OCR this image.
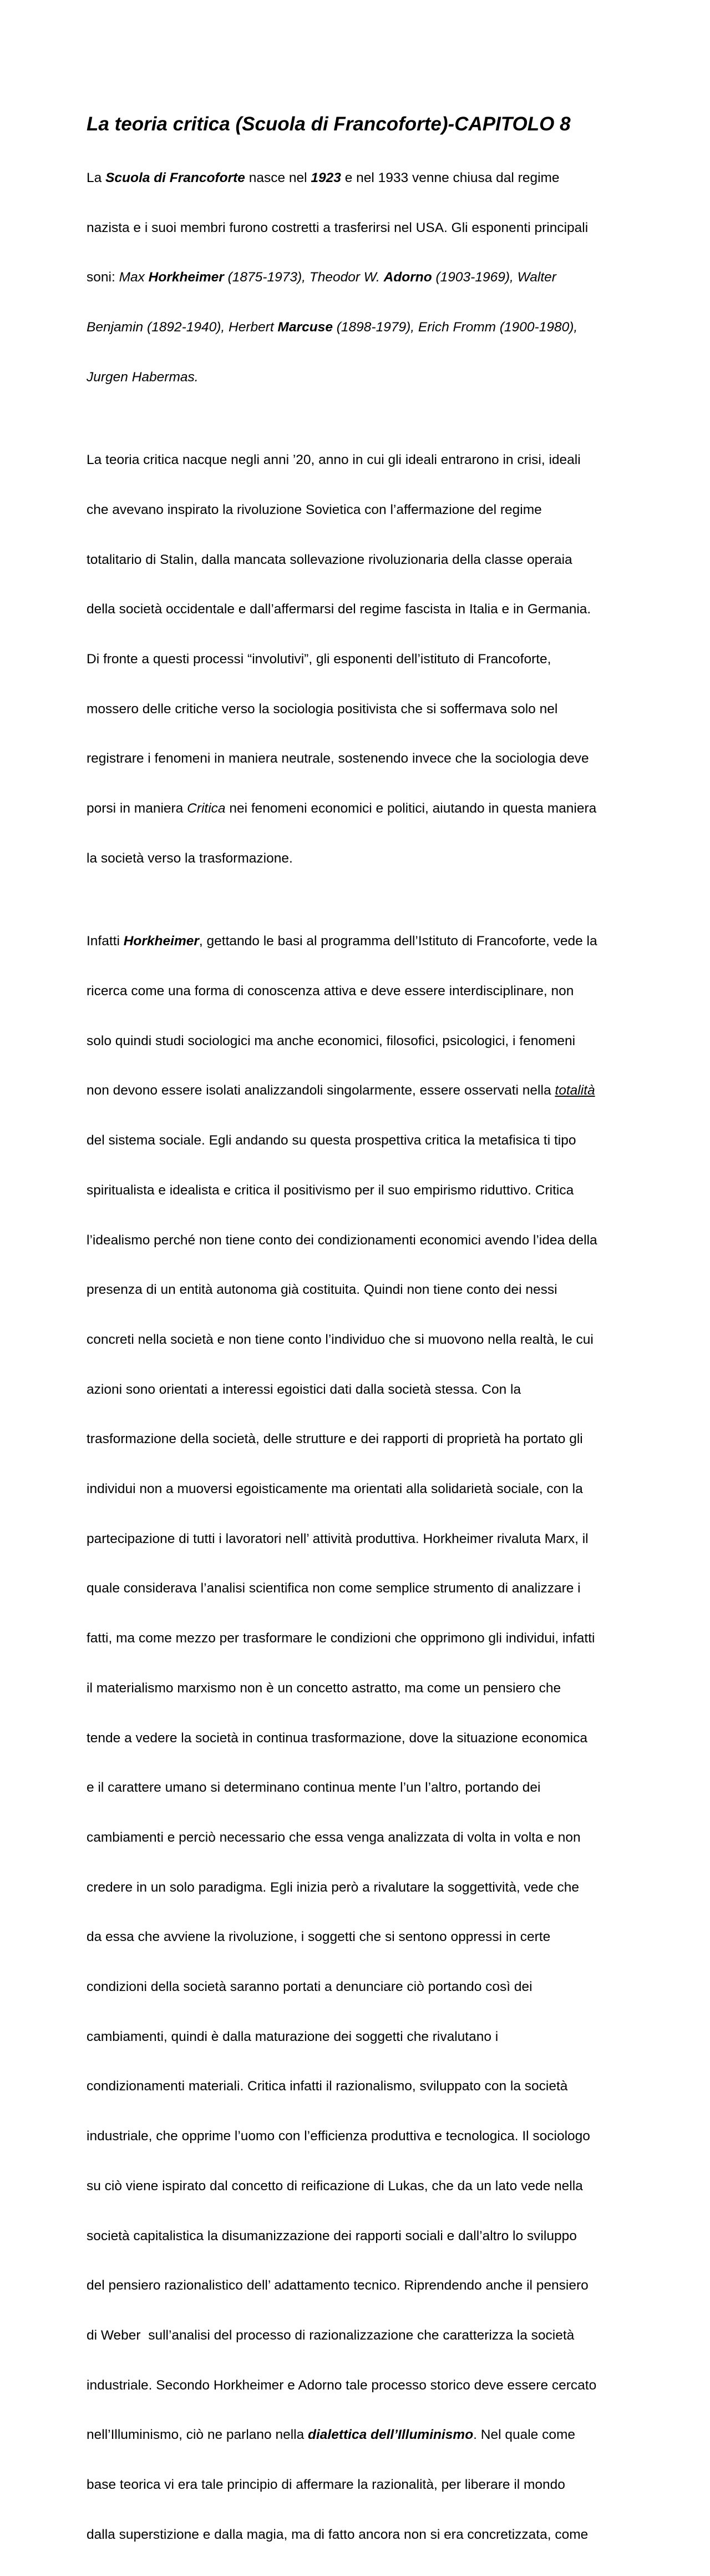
La teoria critica (Scuola di Francoforte)-CAPITOLO 8

La Scuola di Francoforte nasce nel 1923 e nel 1933 venne chiusa dal regime

nazista e i suoi membri furono costretti a trasferirsi nel USA. Gli esponenti principali

soni: Max Horkheimer (1875-1973), Theodor W. Adorno (1903-1969), Walter

Benjamin (1892-1940), Herbert Marcuse (1898-1979), Erich Fromm (1900-1980),

Jurgen Habermas.

La teoria critica nacque negli anni ’20, anno in cui gli ideali entrarono in crisi, ideali

che avevano inspirato la rivoluzione Sovietica con l’affermazione del regime

totalitario di Stalin, dalla mancata sollevazione rivoluzionaria della classe operaia

della società occidentale e dall’affermarsi del regime fascista in Italia e in Germania.

Di fronte a questi processi “involutivi”, gli esponenti dell’istituto di Francoforte,

mossero delle critiche verso la sociologia positivista che si soffermava solo nel

registrare i fenomeni in maniera neutrale, sostenendo invece che la sociologia deve

porsi in maniera Critica nei fenomeni economici e politici, aiutando in questa maniera

la società verso la trasformazione.

Infatti Horkheimer, gettando le basi al programma dell’Istituto di Francoforte, vede la

ricerca come una forma di conoscenza attiva e deve essere interdisciplinare, non

solo quindi studi sociologici ma anche economici, filosofici, psicologici, i fenomeni

non devono essere isolati analizzandoli singolarmente, essere osservati nella totalità

del sistema sociale. Egli andando su questa prospettiva critica la metafisica ti tipo

spiritualista e idealista e critica il positivismo per il suo empirismo riduttivo. Critica

l’idealismo perché non tiene conto dei condizionamenti economici avendo l’idea della

presenza di un entità autonoma già costituita. Quindi non tiene conto dei nessi

concreti nella società e non tiene conto l’individuo che si muovono nella realtà, le cui

azioni sono orientati a interessi egoistici dati dalla società stessa. Con la

trasformazione della società, delle strutture e dei rapporti di proprietà ha portato gli

individui non a muoversi egoisticamente ma orientati alla solidarietà sociale, con la

partecipazione di tutti i lavoratori nell’ attività produttiva. Horkheimer rivaluta Marx, il

quale considerava l’analisi scientifica non come semplice strumento di analizzare i

fatti, ma come mezzo per trasformare le condizioni che opprimono gli individui, infatti

il materialismo marxismo non è un concetto astratto, ma come un pensiero che

tende a vedere la società in continua trasformazione, dove la situazione economica

e il carattere umano si determinano continua mente l’un l’altro, portando dei

cambiamenti e perciò necessario che essa venga analizzata di volta in volta e non

credere in un solo paradigma. Egli inizia però a rivalutare la soggettività, vede che

da essa che avviene la rivoluzione, i soggetti che si sentono oppressi in certe

condizioni della società saranno portati a denunciare ciò portando così dei

cambiamenti, quindi è dalla maturazione dei soggetti che rivalutano i

condizionamenti materiali. Critica infatti il razionalismo, sviluppato con la società

industriale, che opprime l’uomo con l’efficienza produttiva e tecnologica. Il sociologo

su ciò viene ispirato dal concetto di reificazione di Lukas, che da un lato vede nella

società capitalistica la disumanizzazione dei rapporti sociali e dall’altro lo sviluppo

del pensiero razionalistico dell’ adattamento tecnico. Riprendendo anche il pensiero

di Weber  sull’analisi del processo di razionalizzazione che caratterizza la società

industriale. Secondo Horkheimer e Adorno tale processo storico deve essere cercato

nell’Illuminismo, ciò ne parlano nella dialettica dell’Illuminismo. Nel quale come

base teorica vi era tale principio di affermare la razionalità, per liberare il mondo

dalla superstizione e dalla magia, ma di fatto ancora non si era concretizzata, come
